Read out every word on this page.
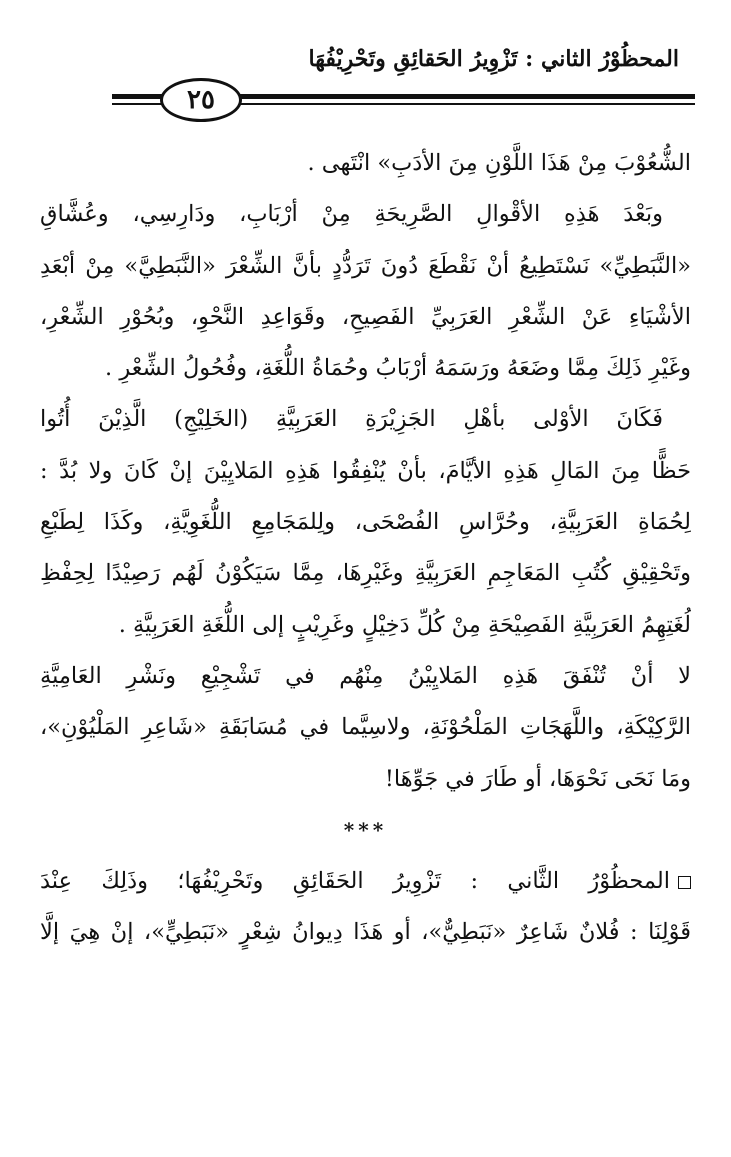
المحظُوْرُ الثاني : تَزْوِيرُ الحَقائِقِ وتَحْرِيْفُهَا
٢٥
الشُّعُوْبَ مِنْ هَذَا اللَّوْنِ مِنَ الأدَبِ» انْتَهى .
وبَعْدَ هَذِهِ الأقْوالِ الصَّرِيحَةِ مِنْ أرْبَابِ، ودَارِسِي، وعُشَّاقِ
«النَّبَطِيِّ» نَسْتَطِيعُ أنْ نَقْطَعَ دُونَ تَرَدُّدٍ بأنَّ الشِّعْرَ «النَّبَطِيَّ» مِنْ أبْعَدِ
الأشْيَاءِ عَنْ الشِّعْرِ العَرَبِيِّ الفَصِيحِ، وقَوَاعِدِ النَّحْوِ، وبُحُوْرِ الشِّعْرِ،
وغَيْرِ ذَلِكَ مِمَّا وضَعَهُ ورَسَمَهُ أرْبَابُ وحُمَاةُ اللُّغَةِ، وفُحُولُ الشِّعْرِ .
فَكَانَ الأوْلى بأهْلِ الجَزِيْرَةِ العَرَبِيَّةِ (الخَلِيْجِ) الَّذِيْنَ أُتُوا
حَظًّا مِنَ المَالِ هَذِهِ الأيَّامَ، بأنْ يُنْفِقُوا هَذِهِ المَلايِيْنَ إنْ كَانَ ولا بُدَّ :
لِحُمَاةِ العَرَبِيَّةِ، وحُرَّاسِ الفُصْحَى، ولِلمَجَامِعِ اللُّغَوِيَّةِ، وكَذَا لِطَبْعِ
وتَحْقِيْقِ كُتُبِ المَعَاجِمِ العَرَبِيَّةِ وغَيْرِهَا، مِمَّا سَيَكُوْنُ لَهُم رَصِيْدًا لِحِفْظِ
لُغَتِهِمُ العَرَبِيَّةِ الفَصِيْحَةِ مِنْ كُلِّ دَخِيْلٍ وغَرِيْبٍ إلى اللُّغَةِ العَرَبِيَّةِ .
لا أنْ تُنْفَقَ هَذِهِ المَلايِيْنُ مِنْهُم في تَشْجِيْعِ ونَشْرِ العَامِيَّةِ
الرَّكِيْكَةِ، واللَّهَجَاتِ المَلْحُوْنَةِ، ولاسِيَّما في مُسَابَقَةِ «شَاعِرِ المَلْيُوْنِ»،
ومَا نَحَى نَحْوَهَا، أو طَارَ في جَوِّهَا!
***
المحظُوْرُ الثَّاني : تَزْوِيرُ الحَقَائِقِ وتَحْرِيْفُهَا؛ وذَلِكَ عِنْدَ
قَوْلِنَا : فُلانٌ شَاعِرٌ «نَبَطِيٌّ»، أو هَذَا دِيوانُ شِعْرٍ «نَبَطِيٍّ»، إنْ هِيَ إلَّا
